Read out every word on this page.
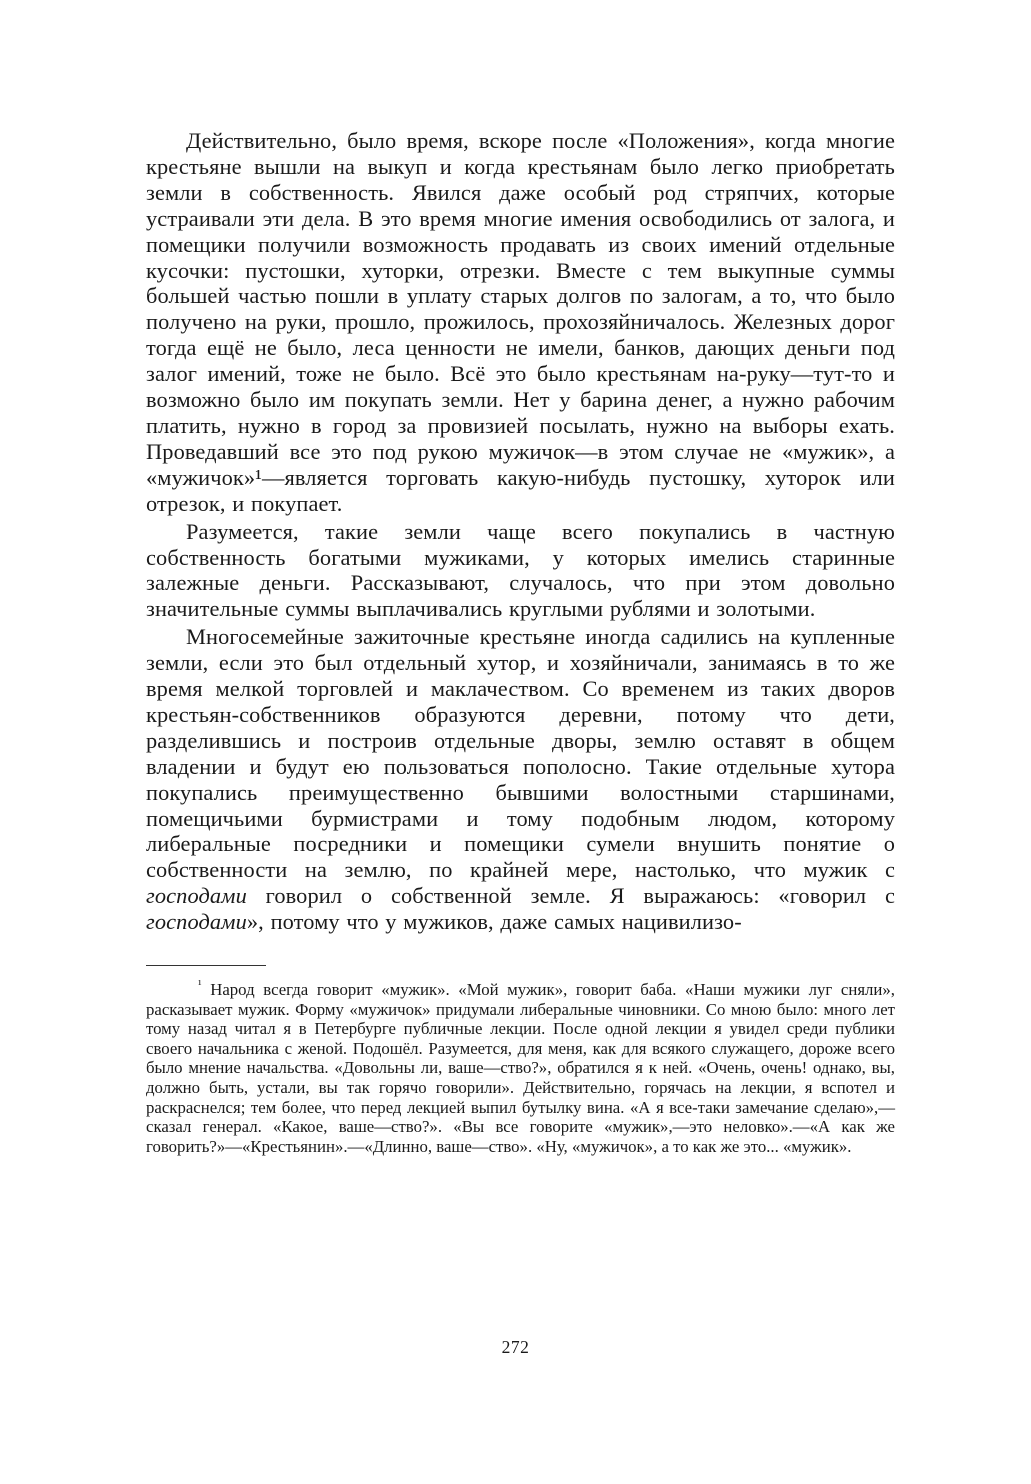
Действительно, было время, вскоре после «Положения», когда многие крестьяне вышли на выкуп и когда крестьянам было легко приобретать земли в собственность. Явился даже особый род стряпчих, которые устраивали эти дела. В это время многие имения освободились от залога, и помещики получили возможность продавать из своих имений отдельные кусочки: пустошки, хуторки, отрезки. Вместе с тем выкупные суммы большей частью пошли в уплату старых долгов по залогам, а то, что было получено на руки, прошло, прожилось, прохозяйничалось. Железных дорог тогда ещё не было, леса ценности не имели, банков, дающих деньги под залог имений, тоже не было. Всё это было крестьянам на-руку—тут-то и возможно было им покупать земли. Нет у барина денег, а нужно рабочим платить, нужно в город за провизией посылать, нужно на выборы ехать. Проведавший все это под рукою мужичок—в этом случае не «мужик», а «мужичок»¹—является торговать какую-нибудь пустошку, хуторок или отрезок, и покупает.

Разумеется, такие земли чаще всего покупались в частную собственность богатыми мужиками, у которых имелись старинные залежные деньги. Рассказывают, случалось, что при этом довольно значительные суммы выплачивались круглыми рублями и золотыми.

Многосемейные зажиточные крестьяне иногда садились на купленные земли, если это был отдельный хутор, и хозяйничали, занимаясь в то же время мелкой торговлей и маклачеством. Со временем из таких дворов крестьян-собственников образуются деревни, потому что дети, разделившись и построив отдельные дворы, землю оставят в общем владении и будут ею пользоваться пополосно. Такие отдельные хутора покупались преимущественно бывшими волостными старшинами, помещичьими бурмистрами и тому подобным людом, которому либеральные посредники и помещики сумели внушить понятие о собственности на землю, по крайней мере, настолько, что мужик с господами говорил о собственной земле. Я выражаюсь: «говорил с господами», потому что у мужиков, даже самых нацивилизо-

$^{^1}$ Народ всегда говорит «мужик». «Мой мужик», говорит баба. «Наши мужики луг сняли», расказывает мужик. Форму «мужичок» придумали либеральные чиновники. Со мною было: много лет тому назад читал я в Петербурге публичные лекции. После одной лекции я увидел среди публики своего начальника с женой. Подошёл. Разумеется, для меня, как для всякого служащего, дороже всего было мнение начальства. «Довольны ли, ваше—ство?», обратился я к ней. «Очень, очень! однако, вы, должно быть, устали, вы так горячо говорили». Действительно, горячась на лекции, я вспотел и раскраснелся; тем более, что перед лекцией выпил бутылку вина. «А я все-таки замечание сделаю»,—сказал генерал. «Какое, ваше—ство?». «Вы все говорите «мужик»,—это неловко».—«А как же говорить?»—«Крестьянин».—«Длинно, ваше—ство». «Ну, «мужичок», а то как же это... «мужик».

272
